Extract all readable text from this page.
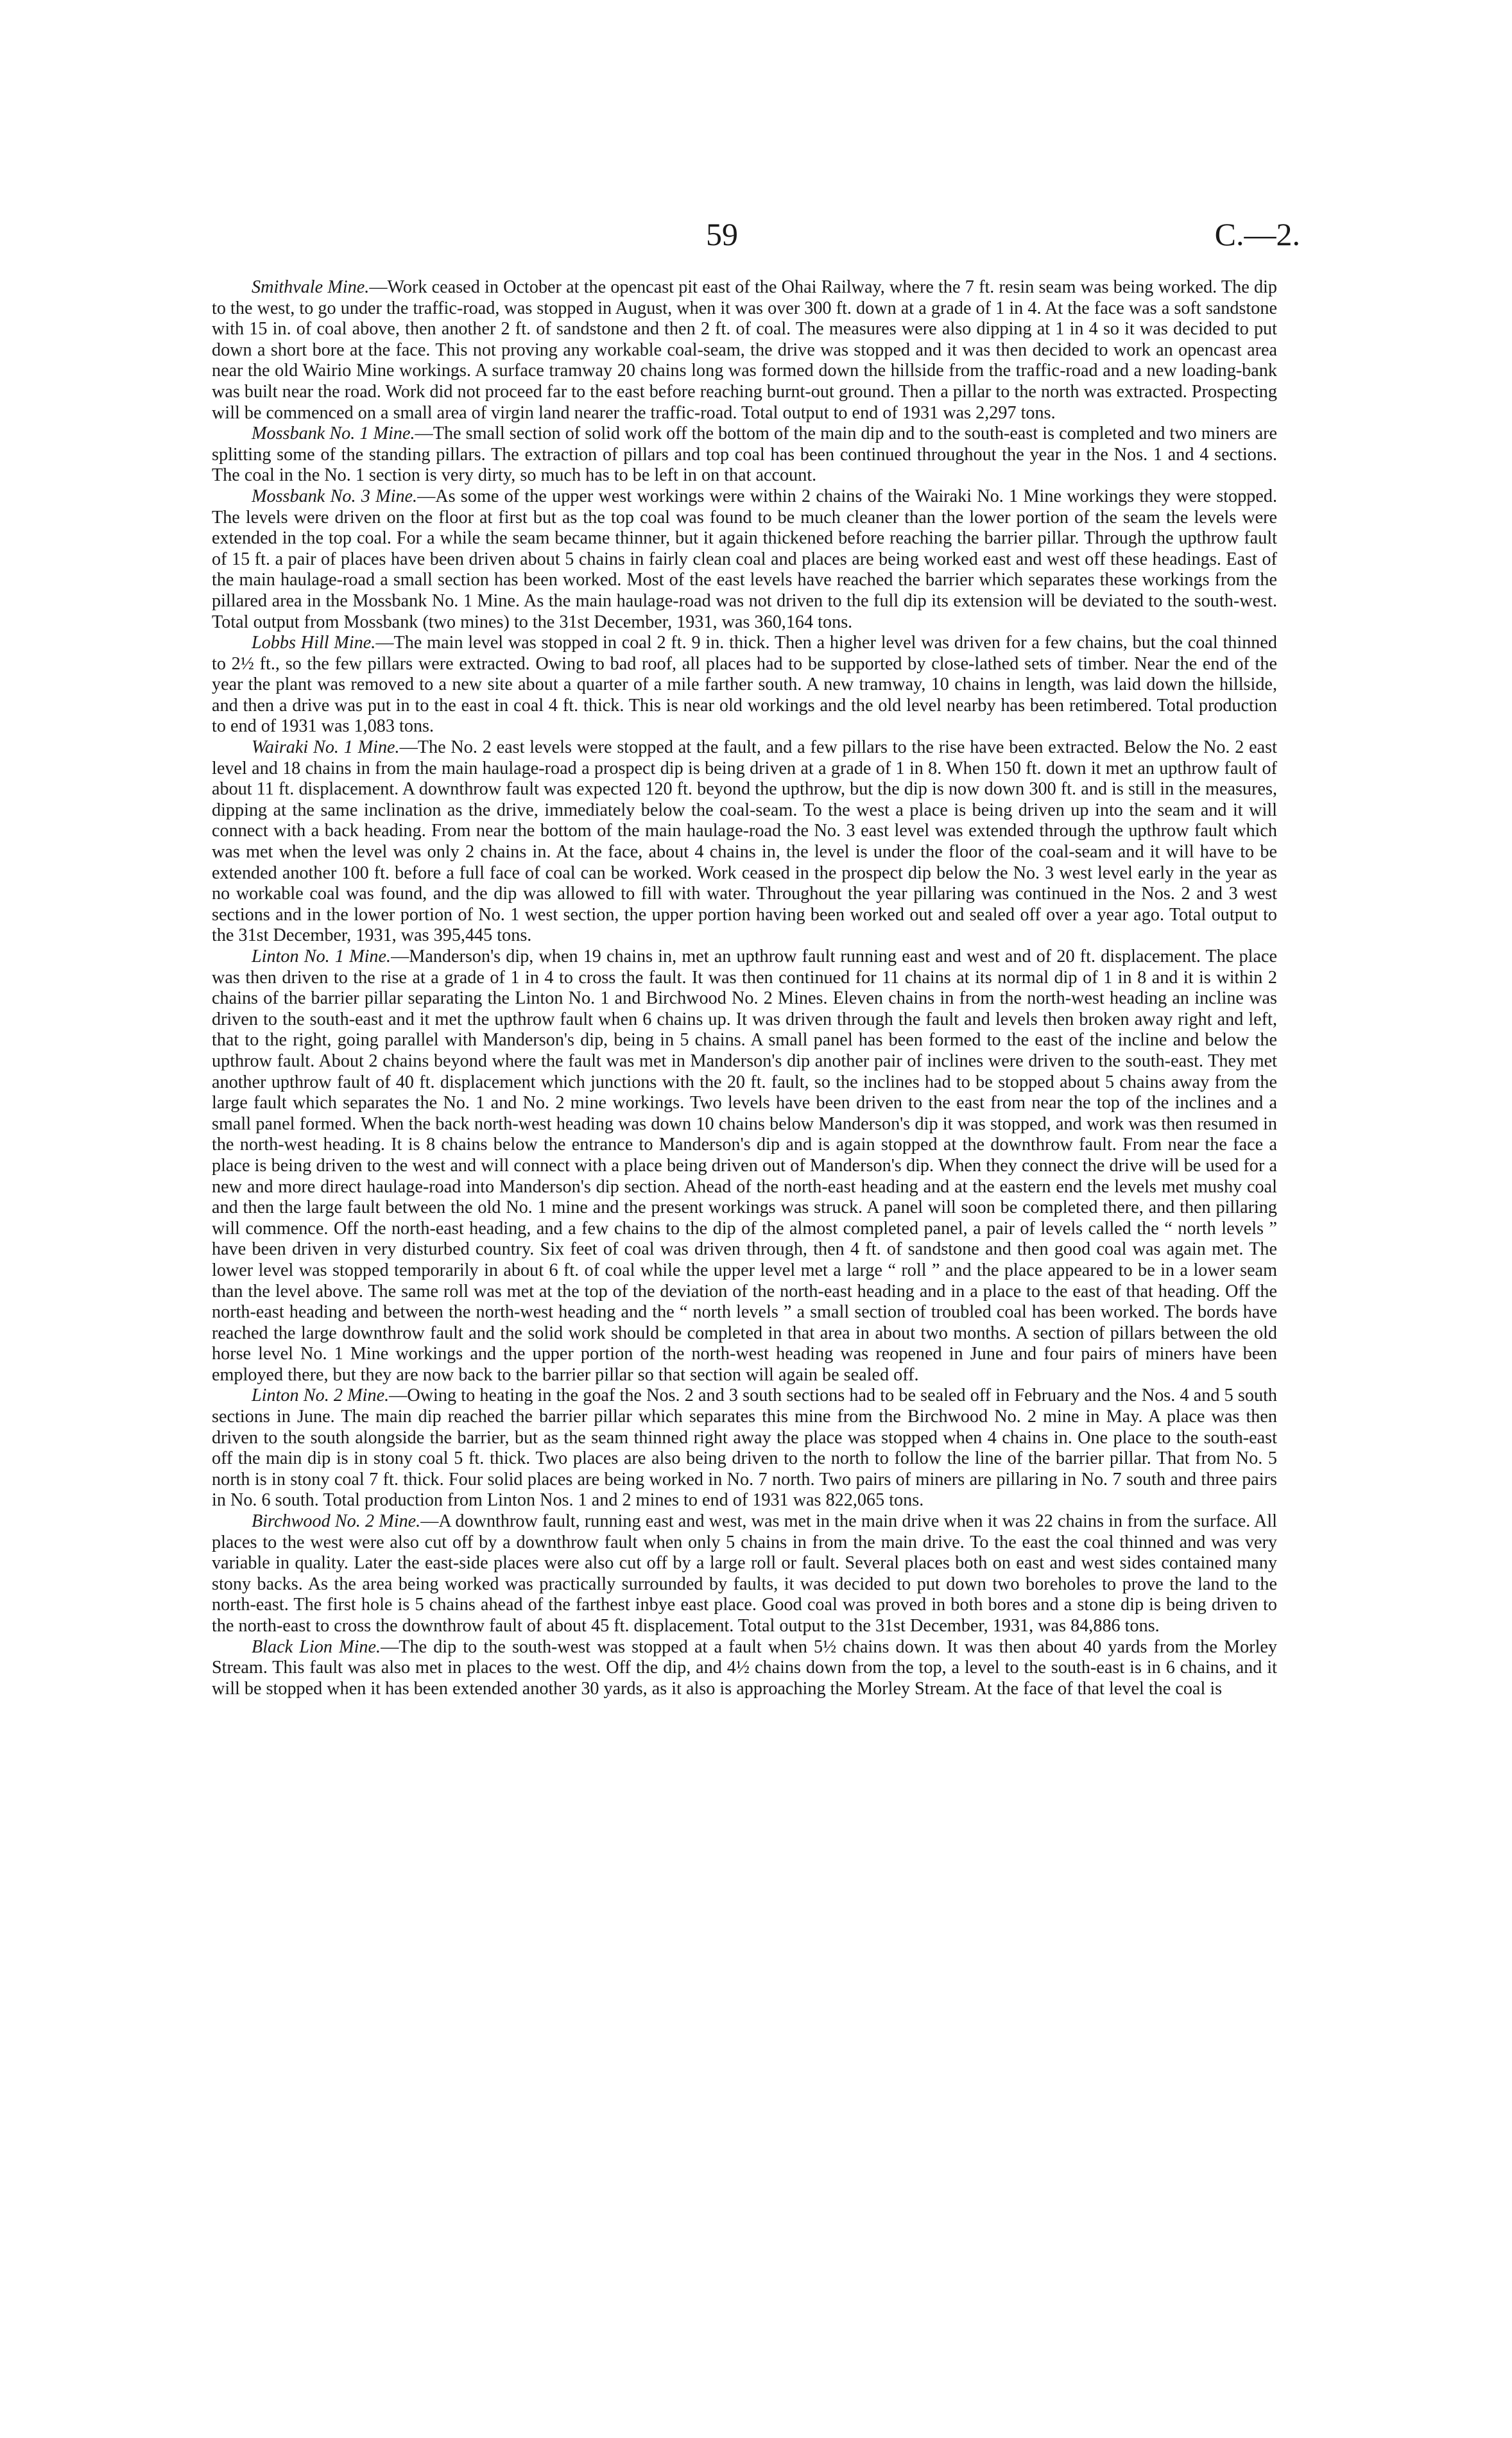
59	C.—2.

Smithvale Mine.—Work ceased in October at the opencast pit east of the Ohai Railway, where the 7 ft. resin seam was being worked. The dip to the west, to go under the traffic-road, was stopped in August, when it was over 300 ft. down at a grade of 1 in 4. At the face was a soft sandstone with 15 in. of coal above, then another 2 ft. of sandstone and then 2 ft. of coal. The measures were also dipping at 1 in 4 so it was decided to put down a short bore at the face. This not proving any workable coal-seam, the drive was stopped and it was then decided to work an opencast area near the old Wairio Mine workings. A surface tramway 20 chains long was formed down the hillside from the traffic-road and a new loading-bank was built near the road. Work did not proceed far to the east before reaching burnt-out ground. Then a pillar to the north was extracted. Prospecting will be commenced on a small area of virgin land nearer the traffic-road. Total output to end of 1931 was 2,297 tons.

Mossbank No. 1 Mine.—The small section of solid work off the bottom of the main dip and to the south-east is completed and two miners are splitting some of the standing pillars. The extraction of pillars and top coal has been continued throughout the year in the Nos. 1 and 4 sections. The coal in the No. 1 section is very dirty, so much has to be left in on that account.

Mossbank No. 3 Mine.—As some of the upper west workings were within 2 chains of the Wairaki No. 1 Mine workings they were stopped. The levels were driven on the floor at first but as the top coal was found to be much cleaner than the lower portion of the seam the levels were extended in the top coal. For a while the seam became thinner, but it again thickened before reaching the barrier pillar. Through the upthrow fault of 15 ft. a pair of places have been driven about 5 chains in fairly clean coal and places are being worked east and west off these headings. East of the main haulage-road a small section has been worked. Most of the east levels have reached the barrier which separates these workings from the pillared area in the Mossbank No. 1 Mine. As the main haulage-road was not driven to the full dip its extension will be deviated to the south-west. Total output from Mossbank (two mines) to the 31st December, 1931, was 360,164 tons.

Lobbs Hill Mine.—The main level was stopped in coal 2 ft. 9 in. thick. Then a higher level was driven for a few chains, but the coal thinned to 2½ ft., so the few pillars were extracted. Owing to bad roof, all places had to be supported by close-lathed sets of timber. Near the end of the year the plant was removed to a new site about a quarter of a mile farther south. A new tramway, 10 chains in length, was laid down the hillside, and then a drive was put in to the east in coal 4 ft. thick. This is near old workings and the old level nearby has been retimbered. Total production to end of 1931 was 1,083 tons.

Wairaki No. 1 Mine.—The No. 2 east levels were stopped at the fault, and a few pillars to the rise have been extracted. Below the No. 2 east level and 18 chains in from the main haulage-road a prospect dip is being driven at a grade of 1 in 8. When 150 ft. down it met an upthrow fault of about 11 ft. displacement. A downthrow fault was expected 120 ft. beyond the upthrow, but the dip is now down 300 ft. and is still in the measures, dipping at the same inclination as the drive, immediately below the coal-seam. To the west a place is being driven up into the seam and it will connect with a back heading. From near the bottom of the main haulage-road the No. 3 east level was extended through the upthrow fault which was met when the level was only 2 chains in. At the face, about 4 chains in, the level is under the floor of the coal-seam and it will have to be extended another 100 ft. before a full face of coal can be worked. Work ceased in the prospect dip below the No. 3 west level early in the year as no workable coal was found, and the dip was allowed to fill with water. Throughout the year pillaring was continued in the Nos. 2 and 3 west sections and in the lower portion of No. 1 west section, the upper portion having been worked out and sealed off over a year ago. Total output to the 31st December, 1931, was 395,445 tons.

Linton No. 1 Mine.—Manderson's dip, when 19 chains in, met an upthrow fault running east and west and of 20 ft. displacement. The place was then driven to the rise at a grade of 1 in 4 to cross the fault. It was then continued for 11 chains at its normal dip of 1 in 8 and it is within 2 chains of the barrier pillar separating the Linton No. 1 and Birchwood No. 2 Mines. Eleven chains in from the north-west heading an incline was driven to the south-east and it met the upthrow fault when 6 chains up. It was driven through the fault and levels then broken away right and left, that to the right, going parallel with Manderson's dip, being in 5 chains. A small panel has been formed to the east of the incline and below the upthrow fault. About 2 chains beyond where the fault was met in Manderson's dip another pair of inclines were driven to the south-east. They met another upthrow fault of 40 ft. displacement which junctions with the 20 ft. fault, so the inclines had to be stopped about 5 chains away from the large fault which separates the No. 1 and No. 2 mine workings. Two levels have been driven to the east from near the top of the inclines and a small panel formed. When the back north-west heading was down 10 chains below Manderson's dip it was stopped, and work was then resumed in the north-west heading. It is 8 chains below the entrance to Manderson's dip and is again stopped at the downthrow fault. From near the face a place is being driven to the west and will connect with a place being driven out of Manderson's dip. When they connect the drive will be used for a new and more direct haulage-road into Manderson's dip section. Ahead of the north-east heading and at the eastern end the levels met mushy coal and then the large fault between the old No. 1 mine and the present workings was struck. A panel will soon be completed there, and then pillaring will commence. Off the north-east heading, and a few chains to the dip of the almost completed panel, a pair of levels called the “ north levels ” have been driven in very disturbed country. Six feet of coal was driven through, then 4 ft. of sandstone and then good coal was again met. The lower level was stopped temporarily in about 6 ft. of coal while the upper level met a large “ roll ” and the place appeared to be in a lower seam than the level above. The same roll was met at the top of the deviation of the north-east heading and in a place to the east of that heading. Off the north-east heading and between the north-west heading and the “ north levels ” a small section of troubled coal has been worked. The bords have reached the large downthrow fault and the solid work should be completed in that area in about two months. A section of pillars between the old horse level No. 1 Mine workings and the upper portion of the north-west heading was reopened in June and four pairs of miners have been employed there, but they are now back to the barrier pillar so that section will again be sealed off.

Linton No. 2 Mine.—Owing to heating in the goaf the Nos. 2 and 3 south sections had to be sealed off in February and the Nos. 4 and 5 south sections in June. The main dip reached the barrier pillar which separates this mine from the Birchwood No. 2 mine in May. A place was then driven to the south alongside the barrier, but as the seam thinned right away the place was stopped when 4 chains in. One place to the south-east off the main dip is in stony coal 5 ft. thick. Two places are also being driven to the north to follow the line of the barrier pillar. That from No. 5 north is in stony coal 7 ft. thick. Four solid places are being worked in No. 7 north. Two pairs of miners are pillaring in No. 7 south and three pairs in No. 6 south. Total production from Linton Nos. 1 and 2 mines to end of 1931 was 822,065 tons.

Birchwood No. 2 Mine.—A downthrow fault, running east and west, was met in the main drive when it was 22 chains in from the surface. All places to the west were also cut off by a downthrow fault when only 5 chains in from the main drive. To the east the coal thinned and was very variable in quality. Later the east-side places were also cut off by a large roll or fault. Several places both on east and west sides contained many stony backs. As the area being worked was practically surrounded by faults, it was decided to put down two boreholes to prove the land to the north-east. The first hole is 5 chains ahead of the farthest inbye east place. Good coal was proved in both bores and a stone dip is being driven to the north-east to cross the downthrow fault of about 45 ft. displacement. Total output to the 31st December, 1931, was 84,886 tons.

Black Lion Mine.—The dip to the south-west was stopped at a fault when 5½ chains down. It was then about 40 yards from the Morley Stream. This fault was also met in places to the west. Off the dip, and 4½ chains down from the top, a level to the south-east is in 6 chains, and it will be stopped when it has been extended another 30 yards, as it also is approaching the Morley Stream. At the face of that level the coal is
